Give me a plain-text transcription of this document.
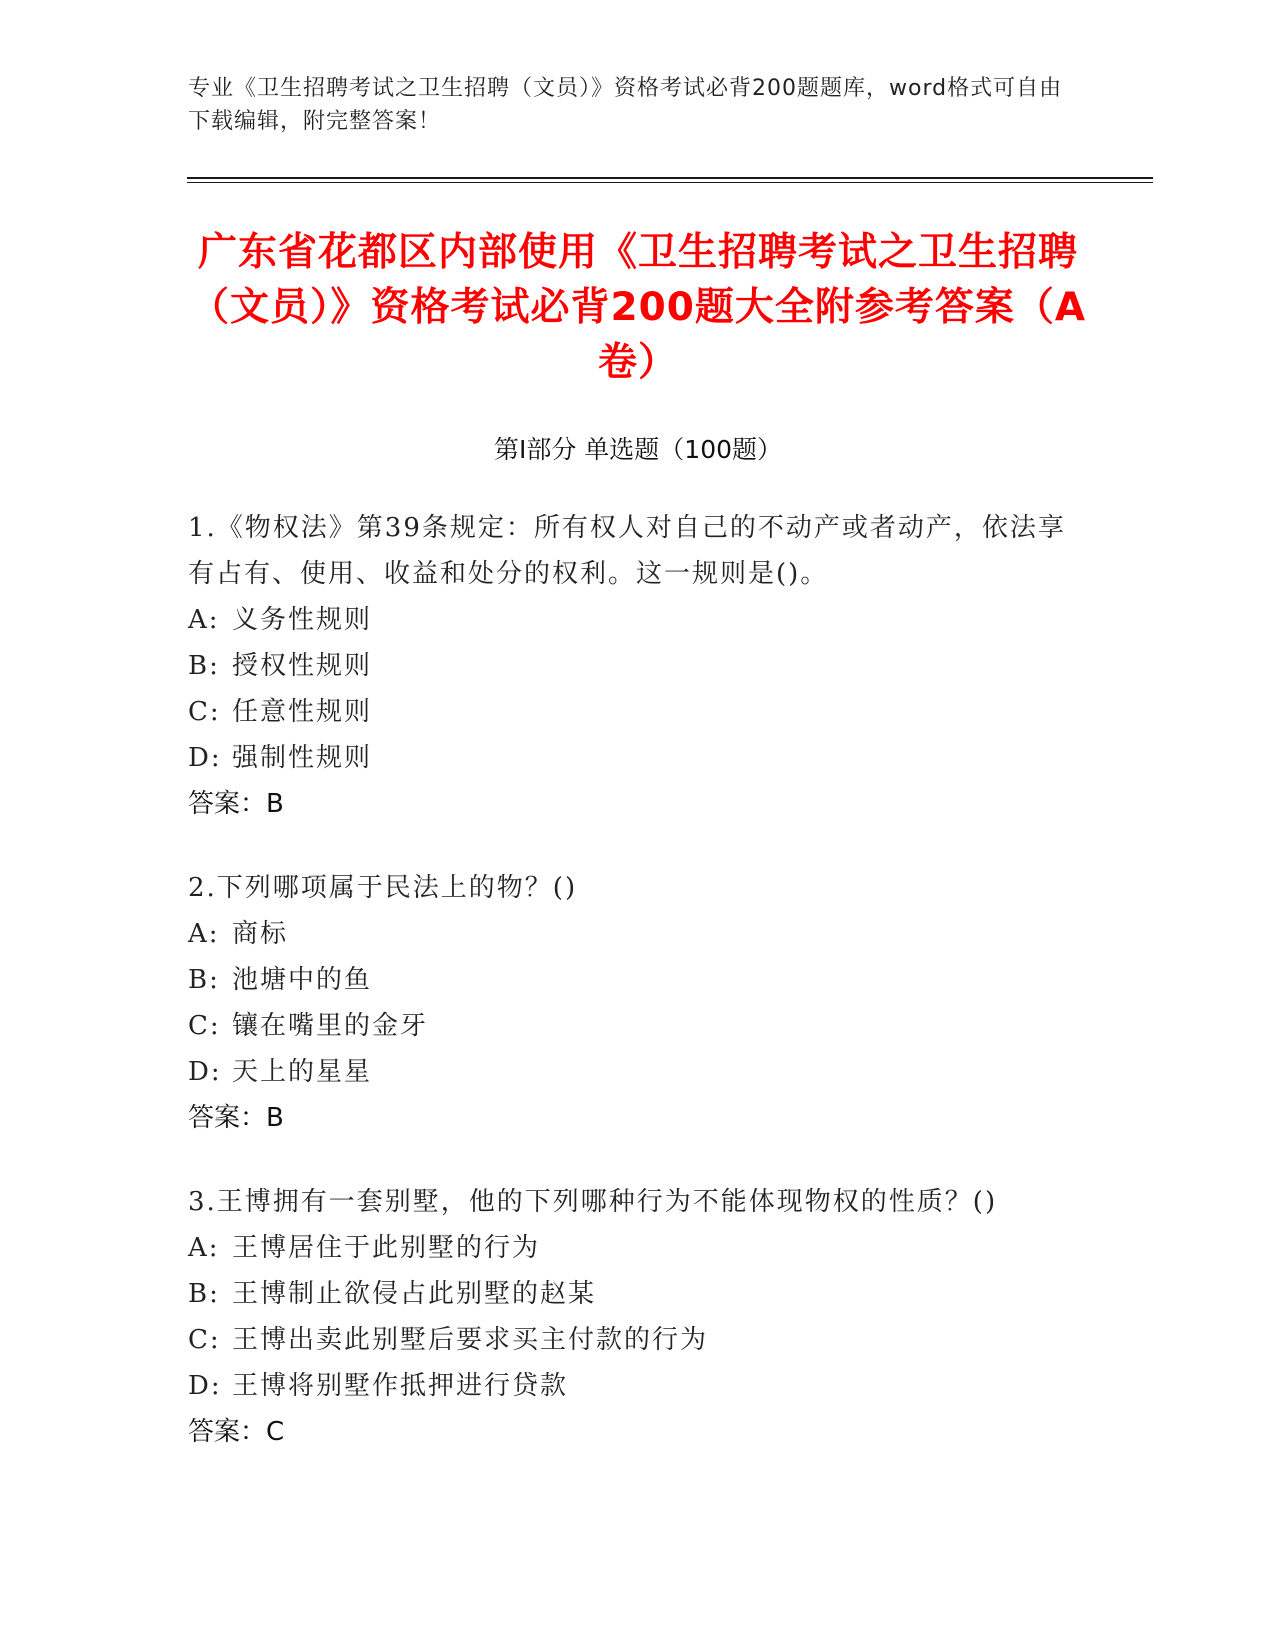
专业《卫生招聘考试之卫生招聘（文员）》资格考试必背200题题库，word格式可自由下载编辑，附完整答案！
广东省花都区内部使用《卫生招聘考试之卫生招聘（文员）》资格考试必背200题大全附参考答案（A卷）
第Ⅰ部分 单选题（100题）

1.《物权法》第39条规定：所有权人对自己的不动产或者动产，依法享有占有、使用、收益和处分的权利。这一规则是()。

A: 义务性规则

B: 授权性规则

C: 任意性规则

D: 强制性规则

答案：B

2.下列哪项属于民法上的物？()

A: 商标

B: 池塘中的鱼

C: 镶在嘴里的金牙

D: 天上的星星

答案：B

3.王博拥有一套别墅，他的下列哪种行为不能体现物权的性质？()

A: 王博居住于此别墅的行为

B: 王博制止欲侵占此别墅的赵某

C: 王博出卖此别墅后要求买主付款的行为

D: 王博将别墅作抵押进行贷款

答案：C
